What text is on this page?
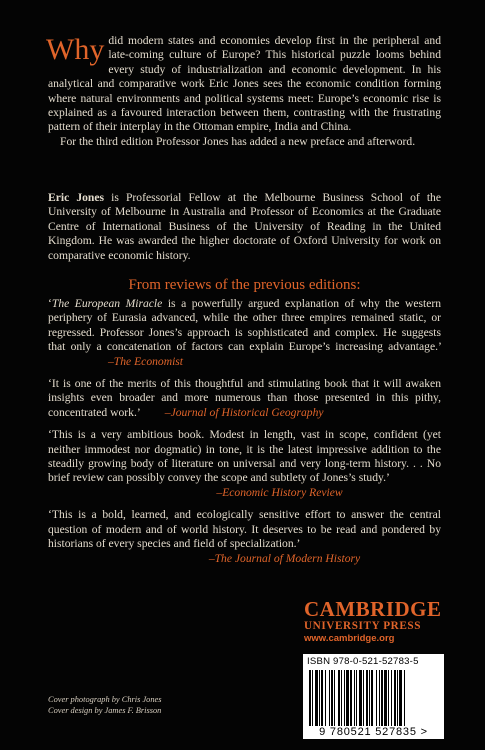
Why did modern states and economies develop first in the peripheral and late-coming culture of Europe? This historical puzzle looms behind every study of industrialization and economic development. In his analytical and comparative work Eric Jones sees the economic condition forming where natural environments and political systems meet: Europe’s economic rise is explained as a favoured interaction between them, contrasting with the frustrating pattern of their interplay in the Ottoman empire, India and China.

For the third edition Professor Jones has added a new preface and afterword.

Eric Jones is Professorial Fellow at the Melbourne Business School of the University of Melbourne in Australia and Professor of Economics at the Graduate Centre of International Business of the University of Reading in the United Kingdom. He was awarded the higher doctorate of Oxford University for work on comparative economic history.

From reviews of the previous editions:

‘The European Miracle is a powerfully argued explanation of why the western periphery of Eurasia advanced, while the other three empires remained static, or regressed. Professor Jones’s approach is sophisticated and complex. He suggests that only a concatenation of factors can explain Europe’s increasing advantage.’ –The Economist

‘It is one of the merits of this thoughtful and stimulating book that it will awaken insights even broader and more numerous than those presented in this pithy, concentrated work.’ –Journal of Historical Geography

‘This is a very ambitious book. Modest in length, vast in scope, confident (yet neither immodest nor dogmatic) in tone, it is the latest impressive addition to the steadily growing body of literature on universal and very long-term history. . . No brief review can possibly convey the scope and subtlety of Jones’s study.’
–Economic History Review

‘This is a bold, learned, and ecologically sensitive effort to answer the central question of modern and of world history. It deserves to be read and pondered by historians of every species and field of specialization.’
–The Journal of Modern History

CAMBRIDGE
UNIVERSITY PRESS
www.cambridge.org
ISBN 978-0-521-52783-5
9 780521 527835 >
Cover photograph by Chris Jones
Cover design by James F. Brisson
